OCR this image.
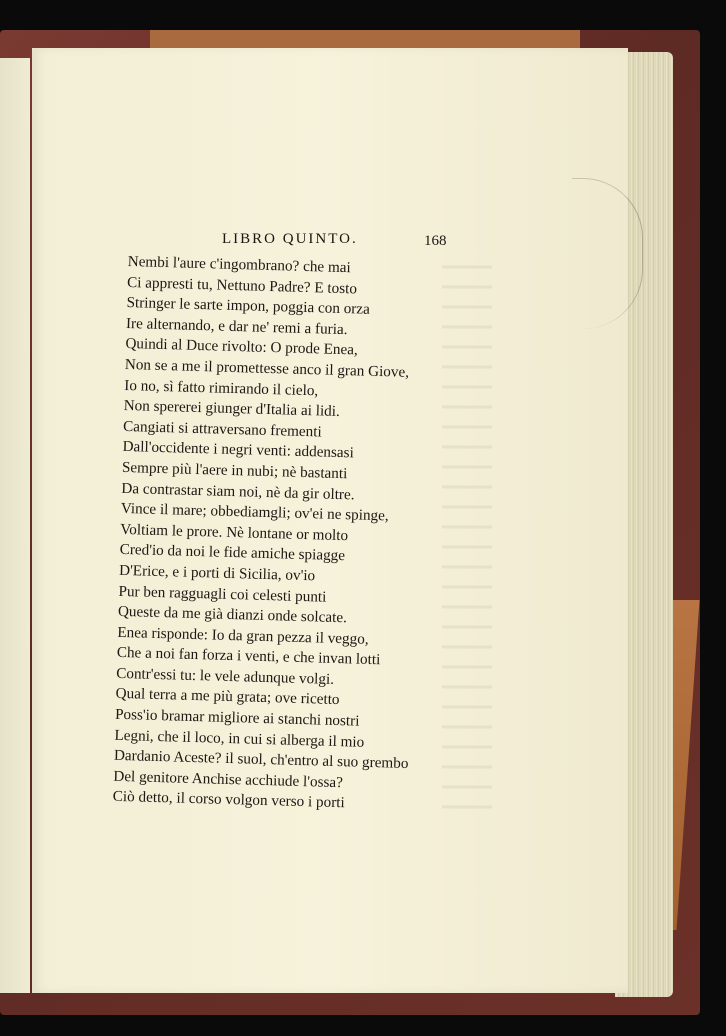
LIBRO QUINTO.	168
Nembi l'aure c'ingombrano? che mai
Ci appresti tu, Nettuno Padre? E tosto
Stringer le sarte impon, poggia con orza
Ire alternando, e dar ne' remi a furia.
Quindi al Duce rivolto: O prode Enea,
Non se a me il promettesse anco il gran Giove,
Io no, sì fatto rimirando il cielo,
Non spererei giunger d'Italia ai lidi.
Cangiati si attraversano frementi
Dall'occidente i negri venti: addensasi
Sempre più l'aere in nubi; nè bastanti
Da contrastar siam noi, nè da gir oltre.
Vince il mare; obbediamgli; ov'ei ne spinge,
Voltiam le prore. Nè lontane or molto
Cred'io da noi le fide amiche spiagge
D'Erice, e i porti di Sicilia, ov'io
Pur ben ragguagli coi celesti punti
Queste da me già dianzi onde solcate.
Enea risponde: Io da gran pezza il veggo,
Che a noi fan forza i venti, e che invan lotti
Contr'essi tu: le vele adunque volgi.
Qual terra a me più grata; ove ricetto
Poss'io bramar migliore ai stanchi nostri
Legni, che il loco, in cui si alberga il mio
Dardanio Aceste? il suol, ch'entro al suo grembo
Del genitore Anchise acchiude l'ossa?
Ciò detto, il corso volgon verso i porti
